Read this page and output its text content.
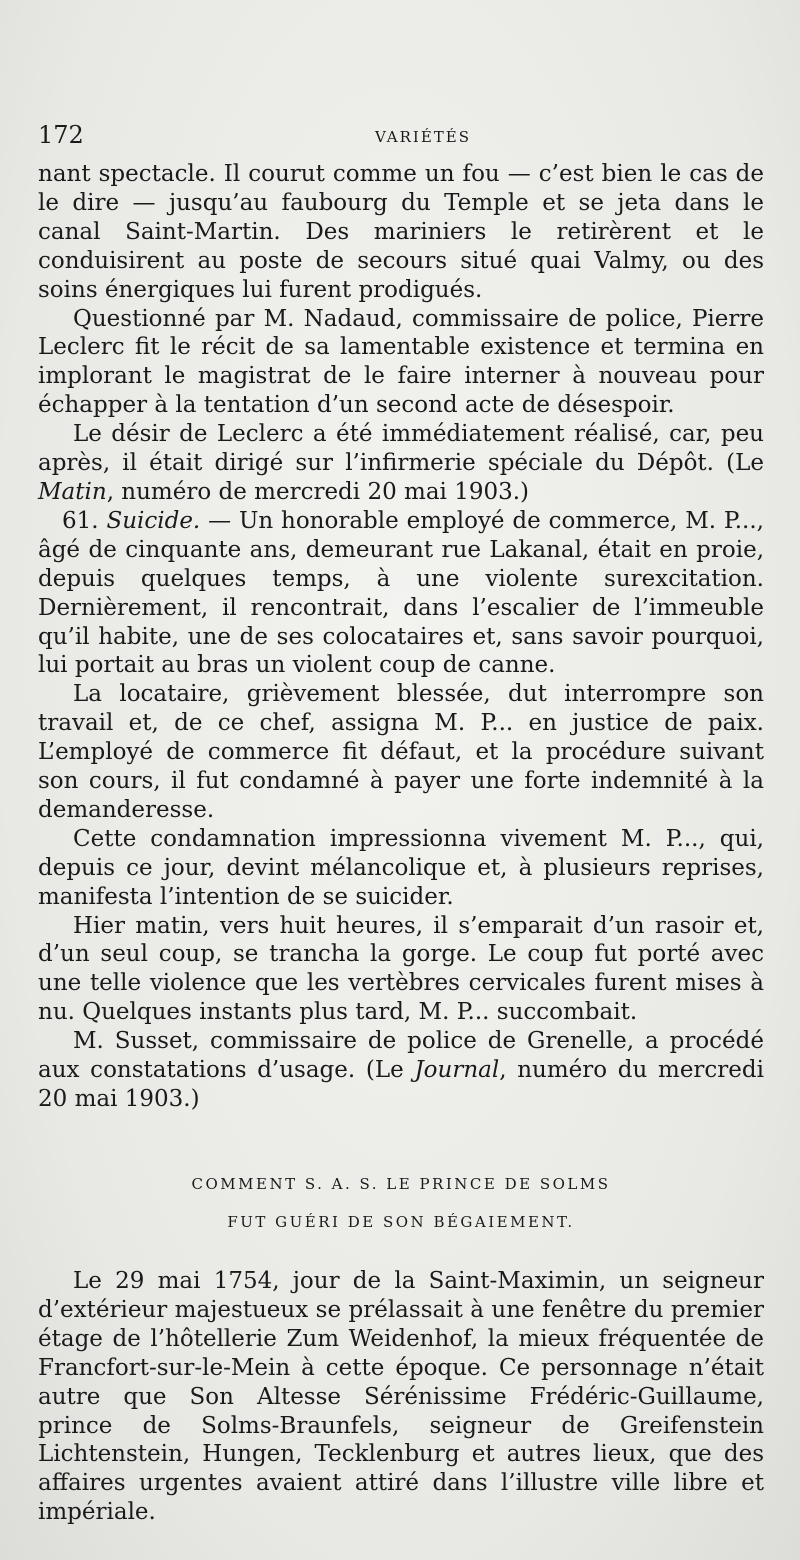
172	VARIÉTÉS

nant spectacle. Il courut comme un fou — c’est bien le cas de le dire — jusqu’au faubourg du Temple et se jeta dans le canal Saint-Martin. Des mariniers le retirèrent et le conduisirent au poste de secours situé quai Valmy, ou des soins énergiques lui furent prodigués.

Questionné par M. Nadaud, commissaire de police, Pierre Leclerc fit le récit de sa lamentable existence et termina en implorant le magistrat de le faire interner à nouveau pour échapper à la tentation d’un second acte de désespoir.

Le désir de Leclerc a été immédiatement réalisé, car, peu après, il était dirigé sur l’infirmerie spéciale du Dépôt. (Le Matin, numéro de mercredi 20 mai 1903.)

61. Suicide. — Un honorable employé de commerce, M. P..., âgé de cinquante ans, demeurant rue Lakanal, était en proie, depuis quelques temps, à une violente surexcitation. Dernièrement, il rencontrait, dans l’escalier de l’immeuble qu’il habite, une de ses colocataires et, sans savoir pourquoi, lui portait au bras un violent coup de canne.

La locataire, grièvement blessée, dut interrompre son travail et, de ce chef, assigna M. P... en justice de paix. L’employé de commerce fit défaut, et la procédure suivant son cours, il fut condamné à payer une forte indemnité à la demanderesse.

Cette condamnation impressionna vivement M. P..., qui, depuis ce jour, devint mélancolique et, à plusieurs reprises, manifesta l’intention de se suicider.

Hier matin, vers huit heures, il s’emparait d’un rasoir et, d’un seul coup, se trancha la gorge. Le coup fut porté avec une telle violence que les vertèbres cervicales furent mises à nu. Quelques instants plus tard, M. P... succombait.

M. Susset, commissaire de police de Grenelle, a procédé aux constatations d’usage. (Le Journal, numéro du mercredi 20 mai 1903.)

COMMENT S. A. S. LE PRINCE DE SOLMS
FUT GUÉRI DE SON BÉGAIEMENT.

Le 29 mai 1754, jour de la Saint-Maximin, un seigneur d’extérieur majestueux se prélassait à une fenêtre du premier étage de l’hôtellerie Zum Weidenhof, la mieux fréquentée de Francfort-sur-le-Mein à cette époque. Ce personnage n’était autre que Son Altesse Sérénissime Frédéric-Guillaume, prince de Solms-Braunfels, seigneur de Greifenstein Lichtenstein, Hungen, Tecklenburg et autres lieux, que des affaires urgentes avaient attiré dans l’illustre ville libre et impériale.
